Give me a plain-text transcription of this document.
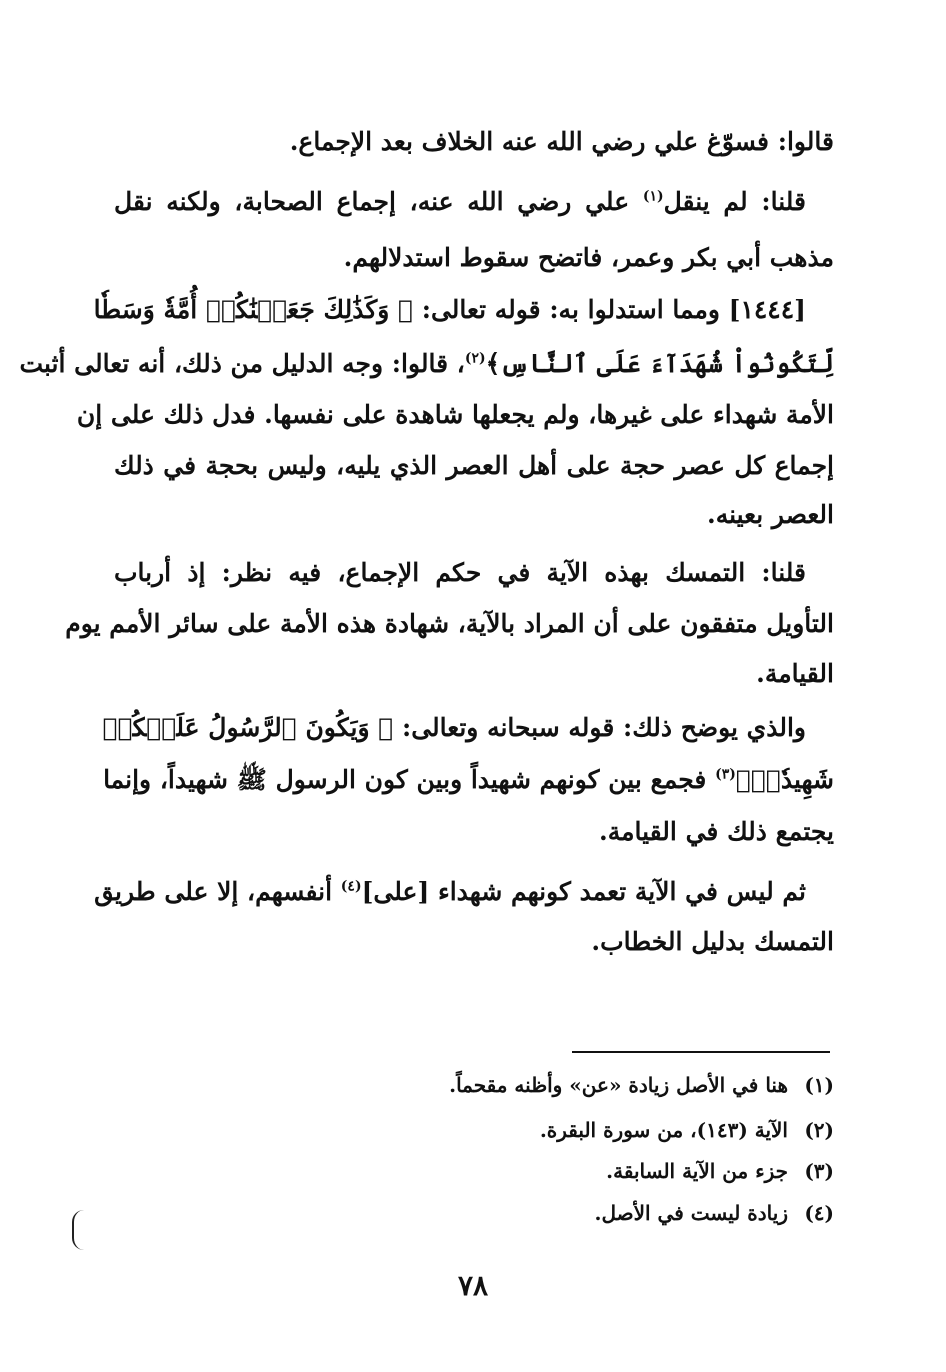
قالوا: فسوّغ علي رضي الله عنه الخلاف بعد الإجماع.
قلنا: لم ينقل$^{(١)}$ علي رضي الله عنه، إجماع الصحابة، ولكنه نقل
مذهب أبي بكر وعمر، فاتضح سقوط استدلالهم.
[١٤٤٤] ومما استدلوا به: قوله تعالى: ﴿ وَكَذَٰلِكَ جَعَلۡنَٰكُمۡ أُمَّةٗ وَسَطٗا
لِّتَكُونُواْ شُهَدَآءَ عَلَى ٱلنَّاسِ﴾$^{(٢)}$، قالوا: وجه الدليل من ذلك، أنه تعالى أثبت
الأمة شهداء على غيرها، ولم يجعلها شاهدة على نفسها. فدل ذلك على إن
إجماع كل عصر حجة على أهل العصر الذي يليه، وليس بحجة في ذلك
العصر بعينه.
قلنا: التمسك بهذه الآية في حكم الإجماع، فيه نظر: إذ أرباب
التأويل متفقون على أن المراد بالآية، شهادة هذه الأمة على سائر الأمم يوم
القيامة.
والذي يوضح ذلك: قوله سبحانه وتعالى: ﴿ وَيَكُونَ ٱلرَّسُولُ عَلَيۡكُمۡ
شَهِيدٗاۗ﴾$^{(٣)}$ فجمع بين كونهم شهيداً وبين كون الرسول ﷺ شهيداً، وإنما
يجتمع ذلك في القيامة.
ثم ليس في الآية تعمد كونهم شهداء [على]$^{(٤)}$ أنفسهم، إلا على طريق
التمسك بدليل الخطاب.
(١)هنا في الأصل زيادة «عن» وأظنه مقحماً.
(٢)الآية (١٤٣)، من سورة البقرة.
(٣)جزء من الآية السابقة.
(٤)زيادة ليست في الأصل.
٧٨
